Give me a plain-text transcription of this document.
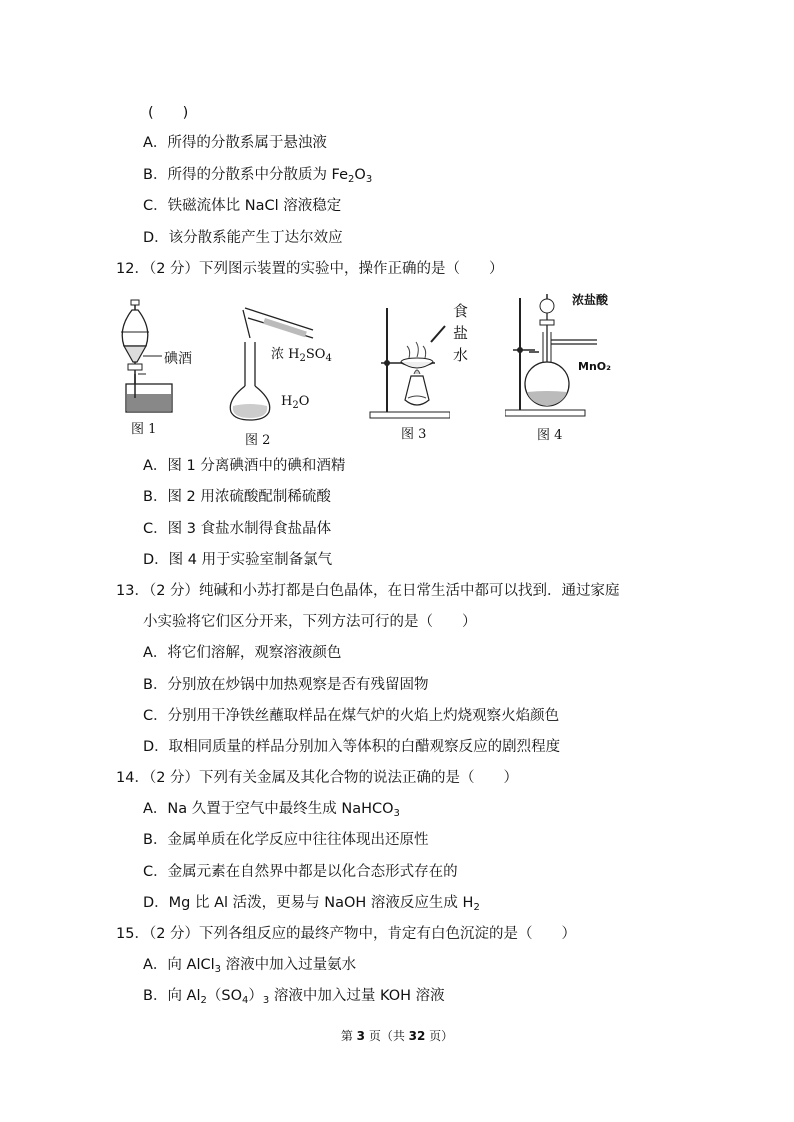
(　　)
A．所得的分散系属于悬浊液
B．所得的分散系中分散质为 $Fe_2O_3$
C．铁磁流体比 NaCl 溶液稳定
D．该分散系能产生丁达尔效应
12．（2 分）下列图示装置的实验中，操作正确的是（　　）
碘酒
图 1
浓 $H_2SO_4$
$H_2O$
图 2
食
盐
水
图 3
浓盐酸
MnO₂
图 4
A．图 1 分离碘酒中的碘和酒精
B．图 2 用浓硫酸配制稀硫酸
C．图 3 食盐水制得食盐晶体
D．图 4 用于实验室制备氯气
13．（2 分）纯碱和小苏打都是白色晶体，在日常生活中都可以找到．通过家庭
小实验将它们区分开来，下列方法可行的是（　　）
A．将它们溶解，观察溶液颜色
B．分别放在炒锅中加热观察是否有残留固物
C．分别用干净铁丝蘸取样品在煤气炉的火焰上灼烧观察火焰颜色
D．取相同质量的样品分别加入等体积的白醋观察反应的剧烈程度
14．（2 分）下列有关金属及其化合物的说法正确的是（　　）
A．Na 久置于空气中最终生成 NaHCO$_3$
B．金属单质在化学反应中往往体现出还原性
C．金属元素在自然界中都是以化合态形式存在的
D．Mg 比 Al 活泼，更易与 NaOH 溶液反应生成 $H_2$
15．（2 分）下列各组反应的最终产物中，肯定有白色沉淀的是（　　）
A．向 AlCl$_3$ 溶液中加入过量氨水
B．向 $Al_2(SO_4)_3$ 溶液中加入过量 KOH 溶液
第 3 页（共 32 页）
